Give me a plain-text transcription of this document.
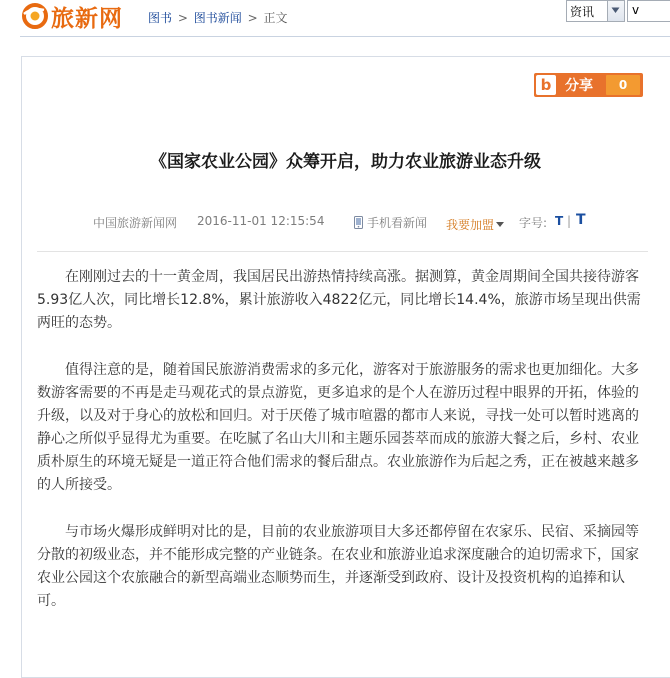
旅新网 图书 > 图书新闻 > 正文	资讯	v
b 分享	0
《国家农业公园》众筹开启，助力农业旅游业态升级
中国旅游新闻网 2016-11-01 12:15:54	手机看新闻 我要加盟 字号: T | T

在刚刚过去的十一黄金周，我国居民出游热情持续高涨。据测算，黄金周期间全国共接待游客5.93亿人次，同比增长12.8%，累计旅游收入4822亿元，同比增长14.4%，旅游市场呈现出供需两旺的态势。

值得注意的是，随着国民旅游消费需求的多元化，游客对于旅游服务的需求也更加细化。大多数游客需要的不再是走马观花式的景点游览，更多追求的是个人在游历过程中眼界的开拓，体验的升级，以及对于身心的放松和回归。对于厌倦了城市喧嚣的都市人来说，寻找一处可以暂时逃离的静心之所似乎显得尤为重要。在吃腻了名山大川和主题乐园荟萃而成的旅游大餐之后，乡村、农业质朴原生的环境无疑是一道正符合他们需求的餐后甜点。农业旅游作为后起之秀，正在被越来越多的人所接受。

与市场火爆形成鲜明对比的是，目前的农业旅游项目大多还都停留在农家乐、民宿、采摘园等分散的初级业态，并不能形成完整的产业链条。在农业和旅游业追求深度融合的迫切需求下，国家农业公园这个农旅融合的新型高端业态顺势而生，并逐渐受到政府、设计及投资机构的追捧和认可。
